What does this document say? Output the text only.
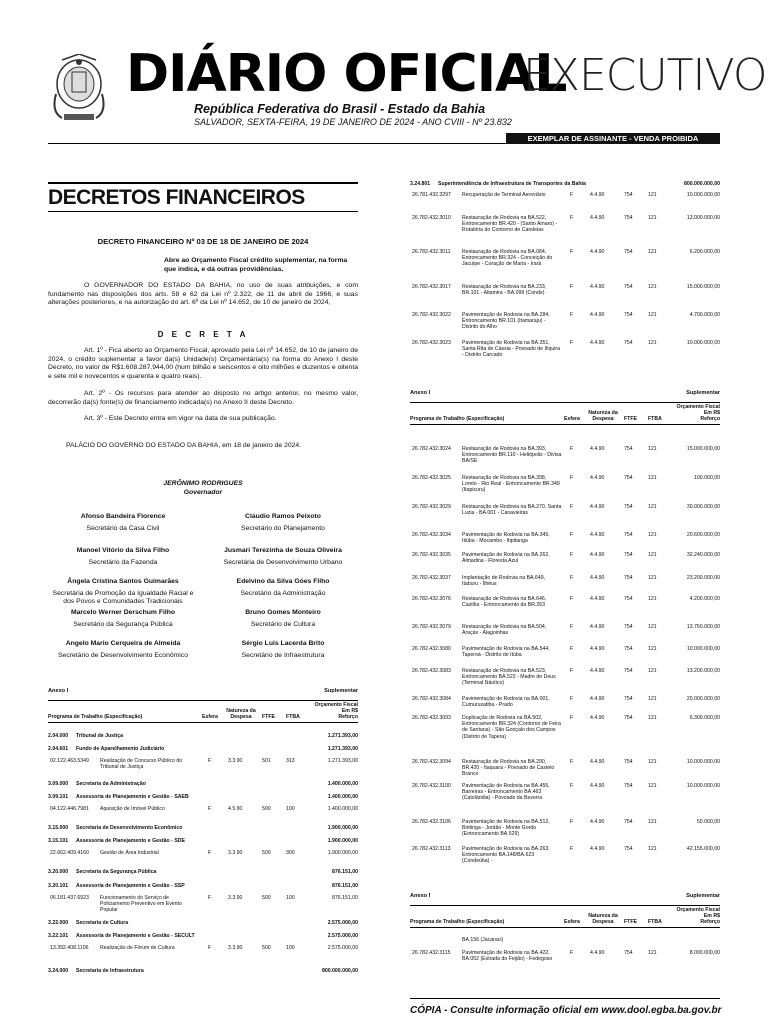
DIÁRIO OFICIAL
EXECUTIVO
República Federativa do Brasil - Estado da Bahia
SALVADOR, SEXTA-FEIRA, 19 DE JANEIRO DE 2024 - ANO CVIII - Nº 23.832
EXEMPLAR DE ASSINANTE - VENDA PROIBIDA
DECRETOS FINANCEIROS
DECRETO FINANCEIRO Nº 03 DE 18 DE JANEIRO DE 2024
Abre ao Orçamento Fiscal crédito suplementar, na forma que indica, e dá outras providências.
O GOVERNADOR DO ESTADO DA BAHIA, no uso de suas atribuições, e com fundamento nas disposições dos arts. 58 e 62 da Lei nº 2.322, de 11 de abril de 1966, e suas alterações posteriores, e na autorização do art. 6º da Lei nº 14.652, de 10 de janeiro de 2024,
D E C R E T A
Art. 1º - Fica aberto ao Orçamento Fiscal, aprovado pela Lei nº 14.652, de 10 de janeiro de 2024, o crédito suplementar a favor da(s) Unidade(s) Orçamentária(s) na forma do Anexo I deste Decreto, no valor de R$1.608.287.944,00 (hum bilhão e seiscentos e oito milhões e duzentos e oitenta e sete mil e novecentos e quarenta e quatro reais).
Art. 2º - Os recursos para atender ao disposto no artigo anterior, no mesmo valor, decorrerão da(s) fonte(s) de financiamento indicada(s) no Anexo II deste Decreto.
Art. 3º - Este Decreto entra em vigor na data de sua publicação.
PALÁCIO DO GOVERNO DO ESTADO DA BAHIA, em 18 de janeiro de 2024.
JERÔNIMO RODRIGUES
Governador
Afonso Bandeira Florence
Secretário da Casa Civil
Cláudio Ramos Peixoto
Secretário do Planejamento
Manoel Vitório da Silva Filho
Secretário da Fazenda
Jusmari Terezinha de Souza Oliveira
Secretária de Desenvolvimento Urbano
Ângela Cristina Santos Guimarães
Secretária de Promoção da Igualdade Racial e dos Povos e Comunidades Tradicionais
Edelvino da Silva Góes Filho
Secretário da Administração
Marcelo Werner Derschum Filho
Secretário da Segurança Pública
Bruno Gomes Monteiro
Secretário de Cultura
Angelo Mario Cerqueira de Almeida
Secretário de Desenvolvimento Econômico
Sérgio Luis Lacerda Brito
Secretário de Infraestrutura
Anexo I	Suplementar
Orçamento Fiscal
Programa de Trabalho (Especificação)	Esfera
Natureza da Despesa	FTFE FTBA
Em R$ Reforço
2.04.000 Tribunal de Justiça	1.271.393,00
2.04.601 Fundo de Aparelhamento Judiciário	1.271.393,00
02.122.463.5349 Realização de Concurso Público do Tribunal de Justiça
F	3.3.90	501	313	1.271.393,00
3.09.000 Secretaria da Administração	1.400.000,00
3.09.101 Assessoria de Planejamento e Gestão - SAEB	1.400.000,00
04.122.446.7981 Aquisição de Imóvel Público	F	4.5.90	500	100	1.400.000,00
3.15.000 Secretaria de Desenvolvimento Econômico	1.900.000,00
3.15.101 Assessoria de Planejamento e Gestão - SDE	1.900.000,00
22.662.409.4160 Gestão de Área Industrial	F	3.3.90	500	300	1.900.000,00
3.20.000 Secretaria da Segurança Pública	876.151,00
3.20.101 Assessoria de Planejamento e Gestão - SSP	876.151,00
06.181.437.6923 Funcionamento do Serviço de Policiamento Preventivo em Evento Popular
F	3.3.90	500	100	876.151,00
3.22.000 Secretaria de Cultura	2.575.000,00
3.22.101 Assessoria de Planejamento e Gestão - SECULT	2.575.000,00
13.392.408.1106 Realização de Fórum de Cultura	F	3.3.90	500	100	2.575.000,00
3.24.000 Secretaria de Infraestrutura	800.000.000,00
3.24.801 Superintendência de Infraestrutura de Transportes da Bahia	800.000.000,00
26.781.432.3297 Recuperação de Terminal Aeroviário	F	4.4.90	754	121	10.000.000,00
26.782.432.3010 Restauração de Rodovia na BA.522, Entroncamento BR.420 - (Santo Amaro) - Rotatória do Contorno de Candeias
F	4.4.90	754	121	13.000.000,00
26.782.432.3011 Restauração de Rodovia na BA.084, Entroncamento BR.324 - Conceição do Jacuípe - Coração de Maria - Irará
F	4.4.90	754	121	6.200.000,00
26.782.432.3017 Restauração de Rodovia na BA.233, BR.101 - Altamira - BA.099 (Conde)
F	4.4.90	754	121	15.000.000,00
26.782.432.3022 Pavimentação de Rodovia na BA.284, Entroncamento BR.101 (Itamaraju) - Distrito do Alho
F	4.4.90	754	121	4.700.000,00
26.782.432.3023 Pavimentação de Rodovia na BA.351, Santa Rita de Cássia - Povoado de Ilíquira - Distrito Carcado
F	4.4.90	754	121	10.000.000,00
Anexo I	Suplementar
Orçamento Fiscal
Programa de Trabalho (Especificação)	Esfera
Natureza da Despesa	FTFE FTBA
Em R$ Reforço
26.782.432.3024 Restauração de Rodovia na BA.393, Entroncamento BR.110 - Heliópolis - Divisa BA/SE
F	4.4.90	754	121	15.000.000,00
26.782.432.3025 Restauração de Rodovia na BA.398, Loreto - Rio Real - Entroncamento BR.349 (Itapicuru)
F	4.4.90	754	121	100.000,00
26.782.432.3029 Restauração de Rodovia na BA.270, Santa Luzia - BA.001 - Canavieiras
F	4.4.90	754	121	30.000.000,00
26.782.432.3034 Pavimentação de Rodovia na BA.345, Itiúba - Mocambo - Itipitanga
F	4.4.90	754	121	20.600.000,00
26.782.432.3035 Pavimentação de Rodovia na BA.262, Almadina - Floresta Azul
F	4.4.90	754	121	32.240.000,00
26.782.432.3037 Implantação de Rodovia na BA.649, Itaburu - Ilhéus
F	4.4.90	754	121	23.200.000,00
26.782.432.3076 Restauração de Rodovia na BA.646, Castília - Entroncamento da BR.263
F	4.4.90	754	121	4.200.000,00
26.782.432.3079 Restauração de Rodovia na BA.504, Araçás - Alagoinhas
F	4.4.90	754	121	13.750.000,00
26.782.432.3080 Pavimentação de Rodovia na BA.544, Taperoá - Distrito de Itúba
F	4.4.90	754	121	10.000.000,00
26.782.432.3083 Restauração de Rodovia na BA.523, Entroncamento BA.522 - Madre de Deus (Terminal Náutico)
F	4.4.90	754	121	13.200.000,00
26.782.432.3084 Pavimentação de Rodovia na BA.001, Cumuruxatiba - Prado
F	4.4.90	754	121	20.000.000,00
26.782.432.3093 Duplicação de Rodovia na BA.502, Entroncamento BR.324 (Contorno de Feira de Santana) - São Gonçalo dos Campos (Distrito de Tapera)
F	4.4.90	754	121	6.300.000,00
26.782.432.3094 Restauração de Rodovia na BA.290, BR.420 - Itaquara - Povoado de Castelo Branco
F	4.4.90	754	121	10.000.000,00
26.782.432.3100 Pavimentação de Rodovia na BA.455, Barreiras - Entroncamento BA.463 (Catolândia) - Povoado da Bezerra
F	4.4.90	754	121	10.000.000,00
26.782.432.3106 Pavimentação de Rodovia na BA.512, Biritinga - Jordão - Monte Gordo (Entroncamento BA.529)
F	4.4.90	754	121	50.000,00
26.782.432.3113 Pavimentação de Rodovia na BA.263, Entroncamento BA.148/BA.623 (Condeúba) -
F	4.4.90	754	121	42.155.000,00
Anexo I	Suplementar
Orçamento Fiscal
Programa de Trabalho (Especificação)	Esfera
Natureza da Despesa	FTFE FTBA
Em R$ Reforço
BA.156 (Jacaraci)
26.782.432.3115 Pavimentação de Rodovia na BA.422, BA.052 (Estrada do Feijão) - Fedegoso
F	4.4.90	754	121	8.000.000,00
CÓPIA - Consulte informação oficial em www.dool.egba.ba.gov.br
